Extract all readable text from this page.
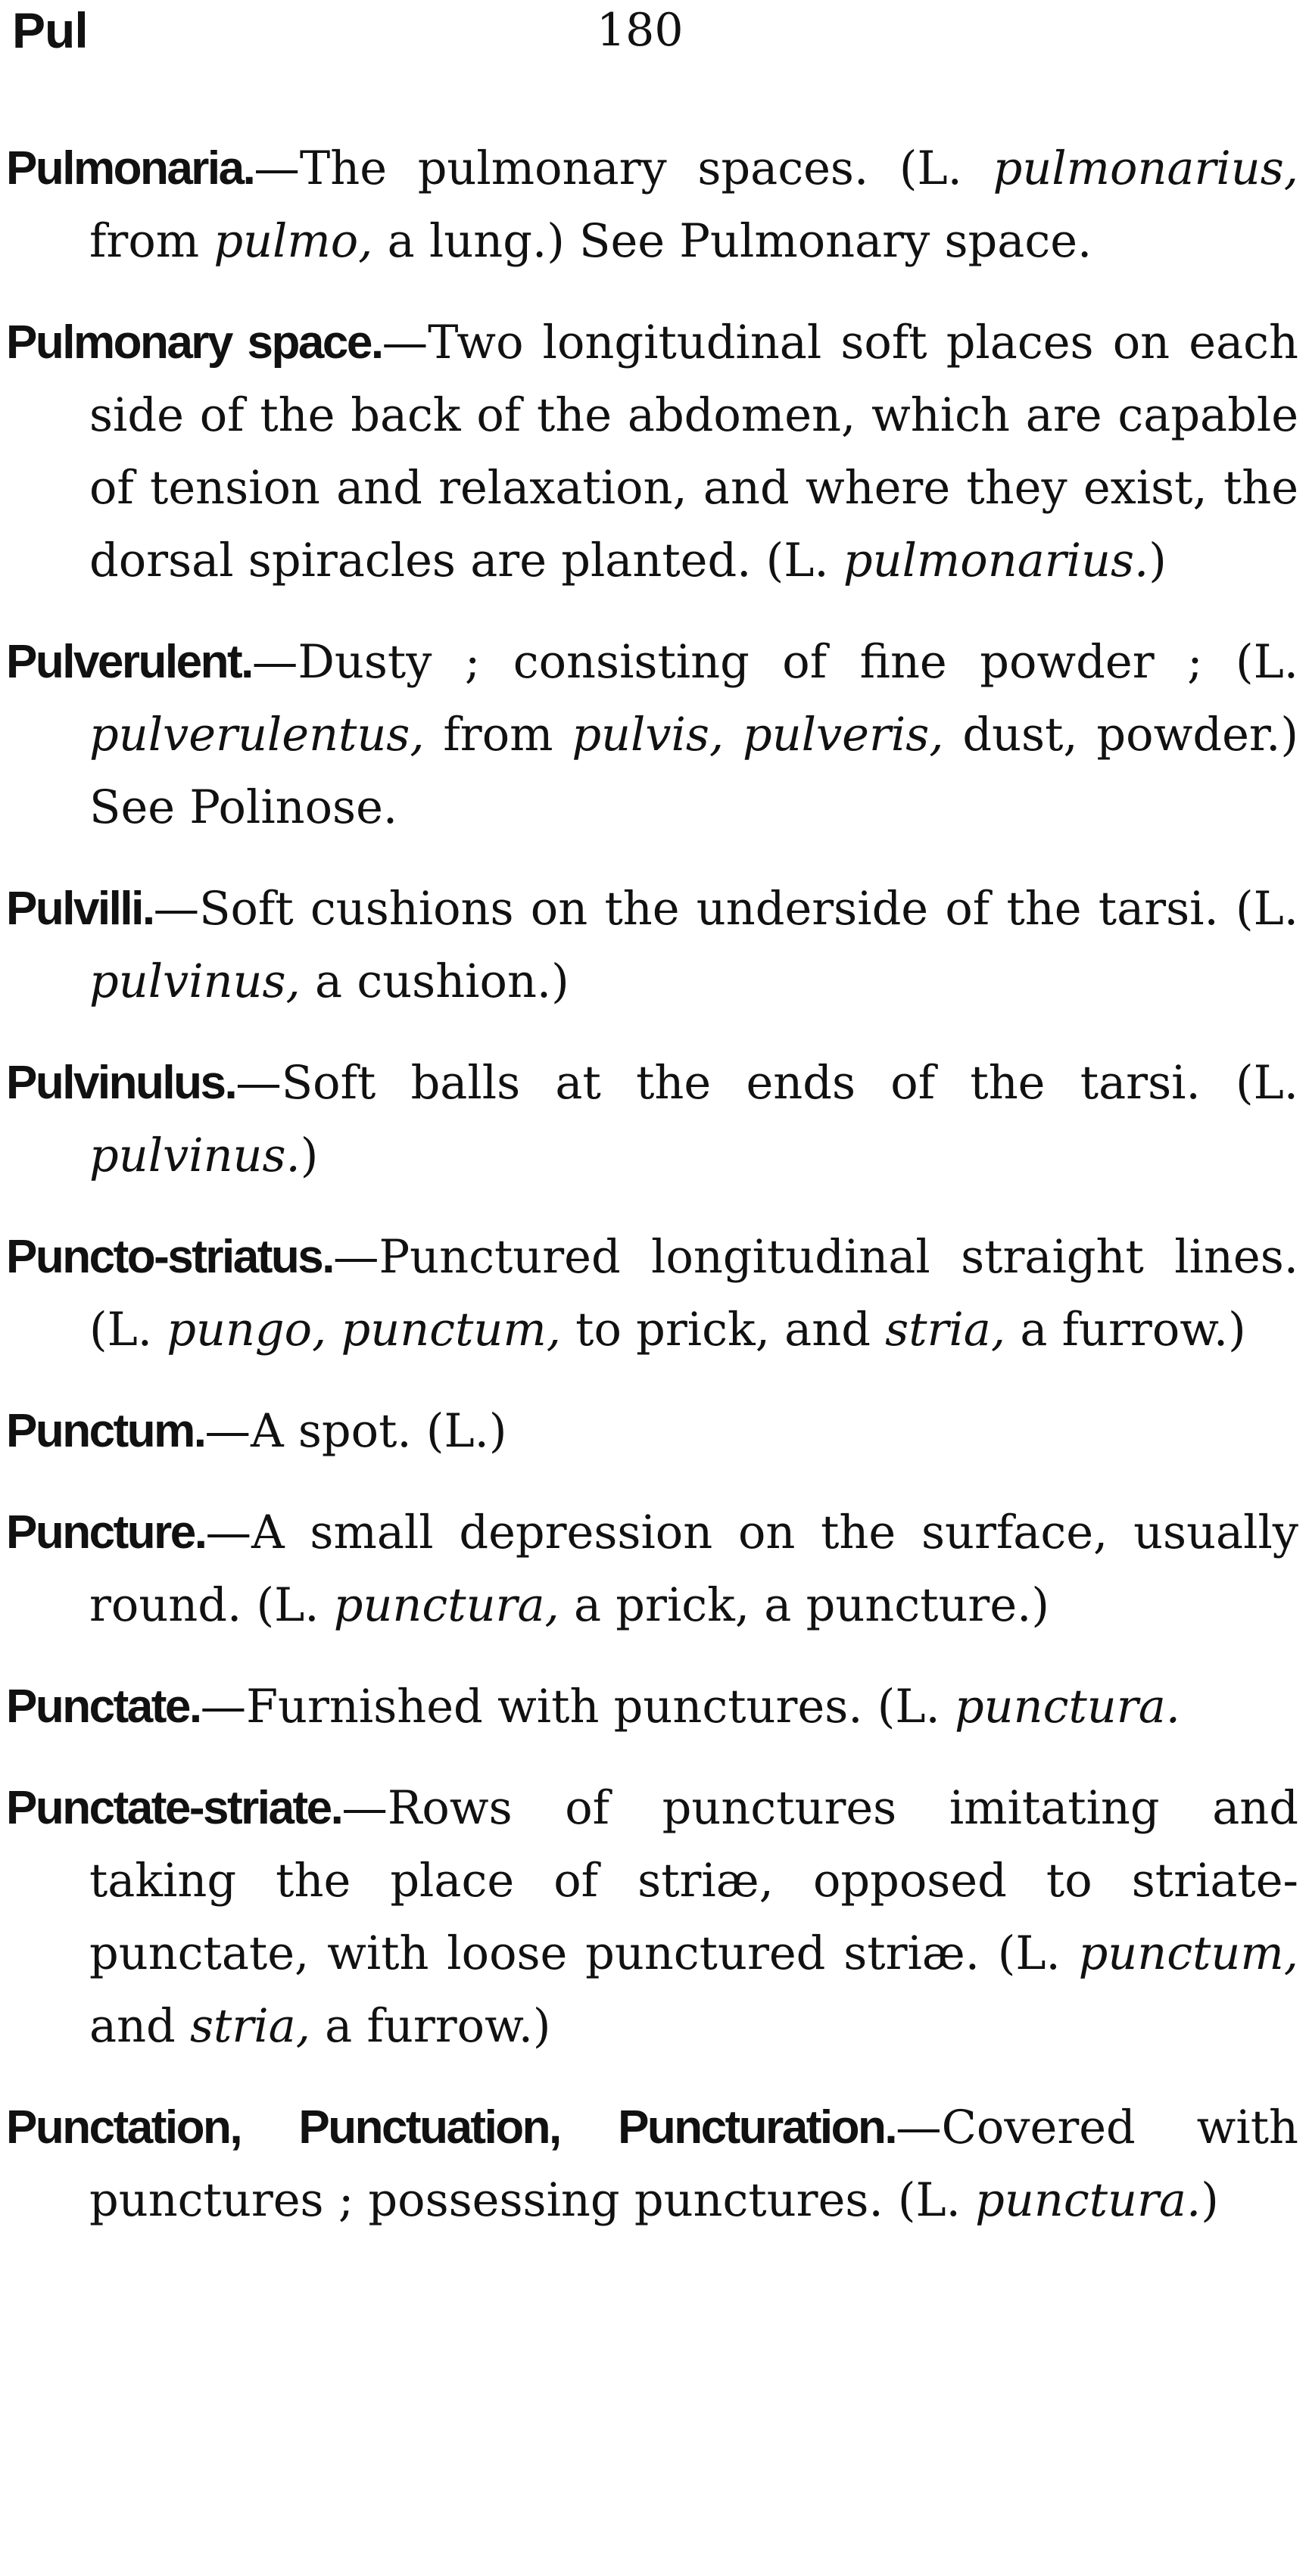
Pul	180

Pulmonaria.—The pulmonary spaces. (L. pulmonarius, from pulmo, a lung.) See Pulmonary space.

Pulmonary space.—Two longitudinal soft places on each side of the back of the abdomen, which are capable of tension and relaxation, and where they exist, the dorsal spiracles are planted. (L. pulmonarius.)

Pulverulent.—Dusty ; consisting of fine powder ; (L. pulverulentus, from pulvis, pulveris, dust, powder.) See Polinose.

Pulvilli.—Soft cushions on the underside of the tarsi. (L. pulvinus, a cushion.)

Pulvinulus.—Soft balls at the ends of the tarsi. (L. pulvinus.)

Puncto-striatus.—Punctured longitudinal straight lines. (L. pungo, punctum, to prick, and stria, a furrow.)

Punctum.—A spot. (L.)

Puncture.—A small depression on the surface, usually round. (L. punctura, a prick, a puncture.)

Punctate.—Furnished with punctures. (L. punctura.

Punctate-striate.—Rows of punctures imitating and taking the place of striæ, opposed to striate-punctate, with loose punctured striæ. (L. punctum, and stria, a furrow.)

Punctation, Punctuation, Puncturation.—Covered with punctures ; possessing punctures. (L. punctura.)
